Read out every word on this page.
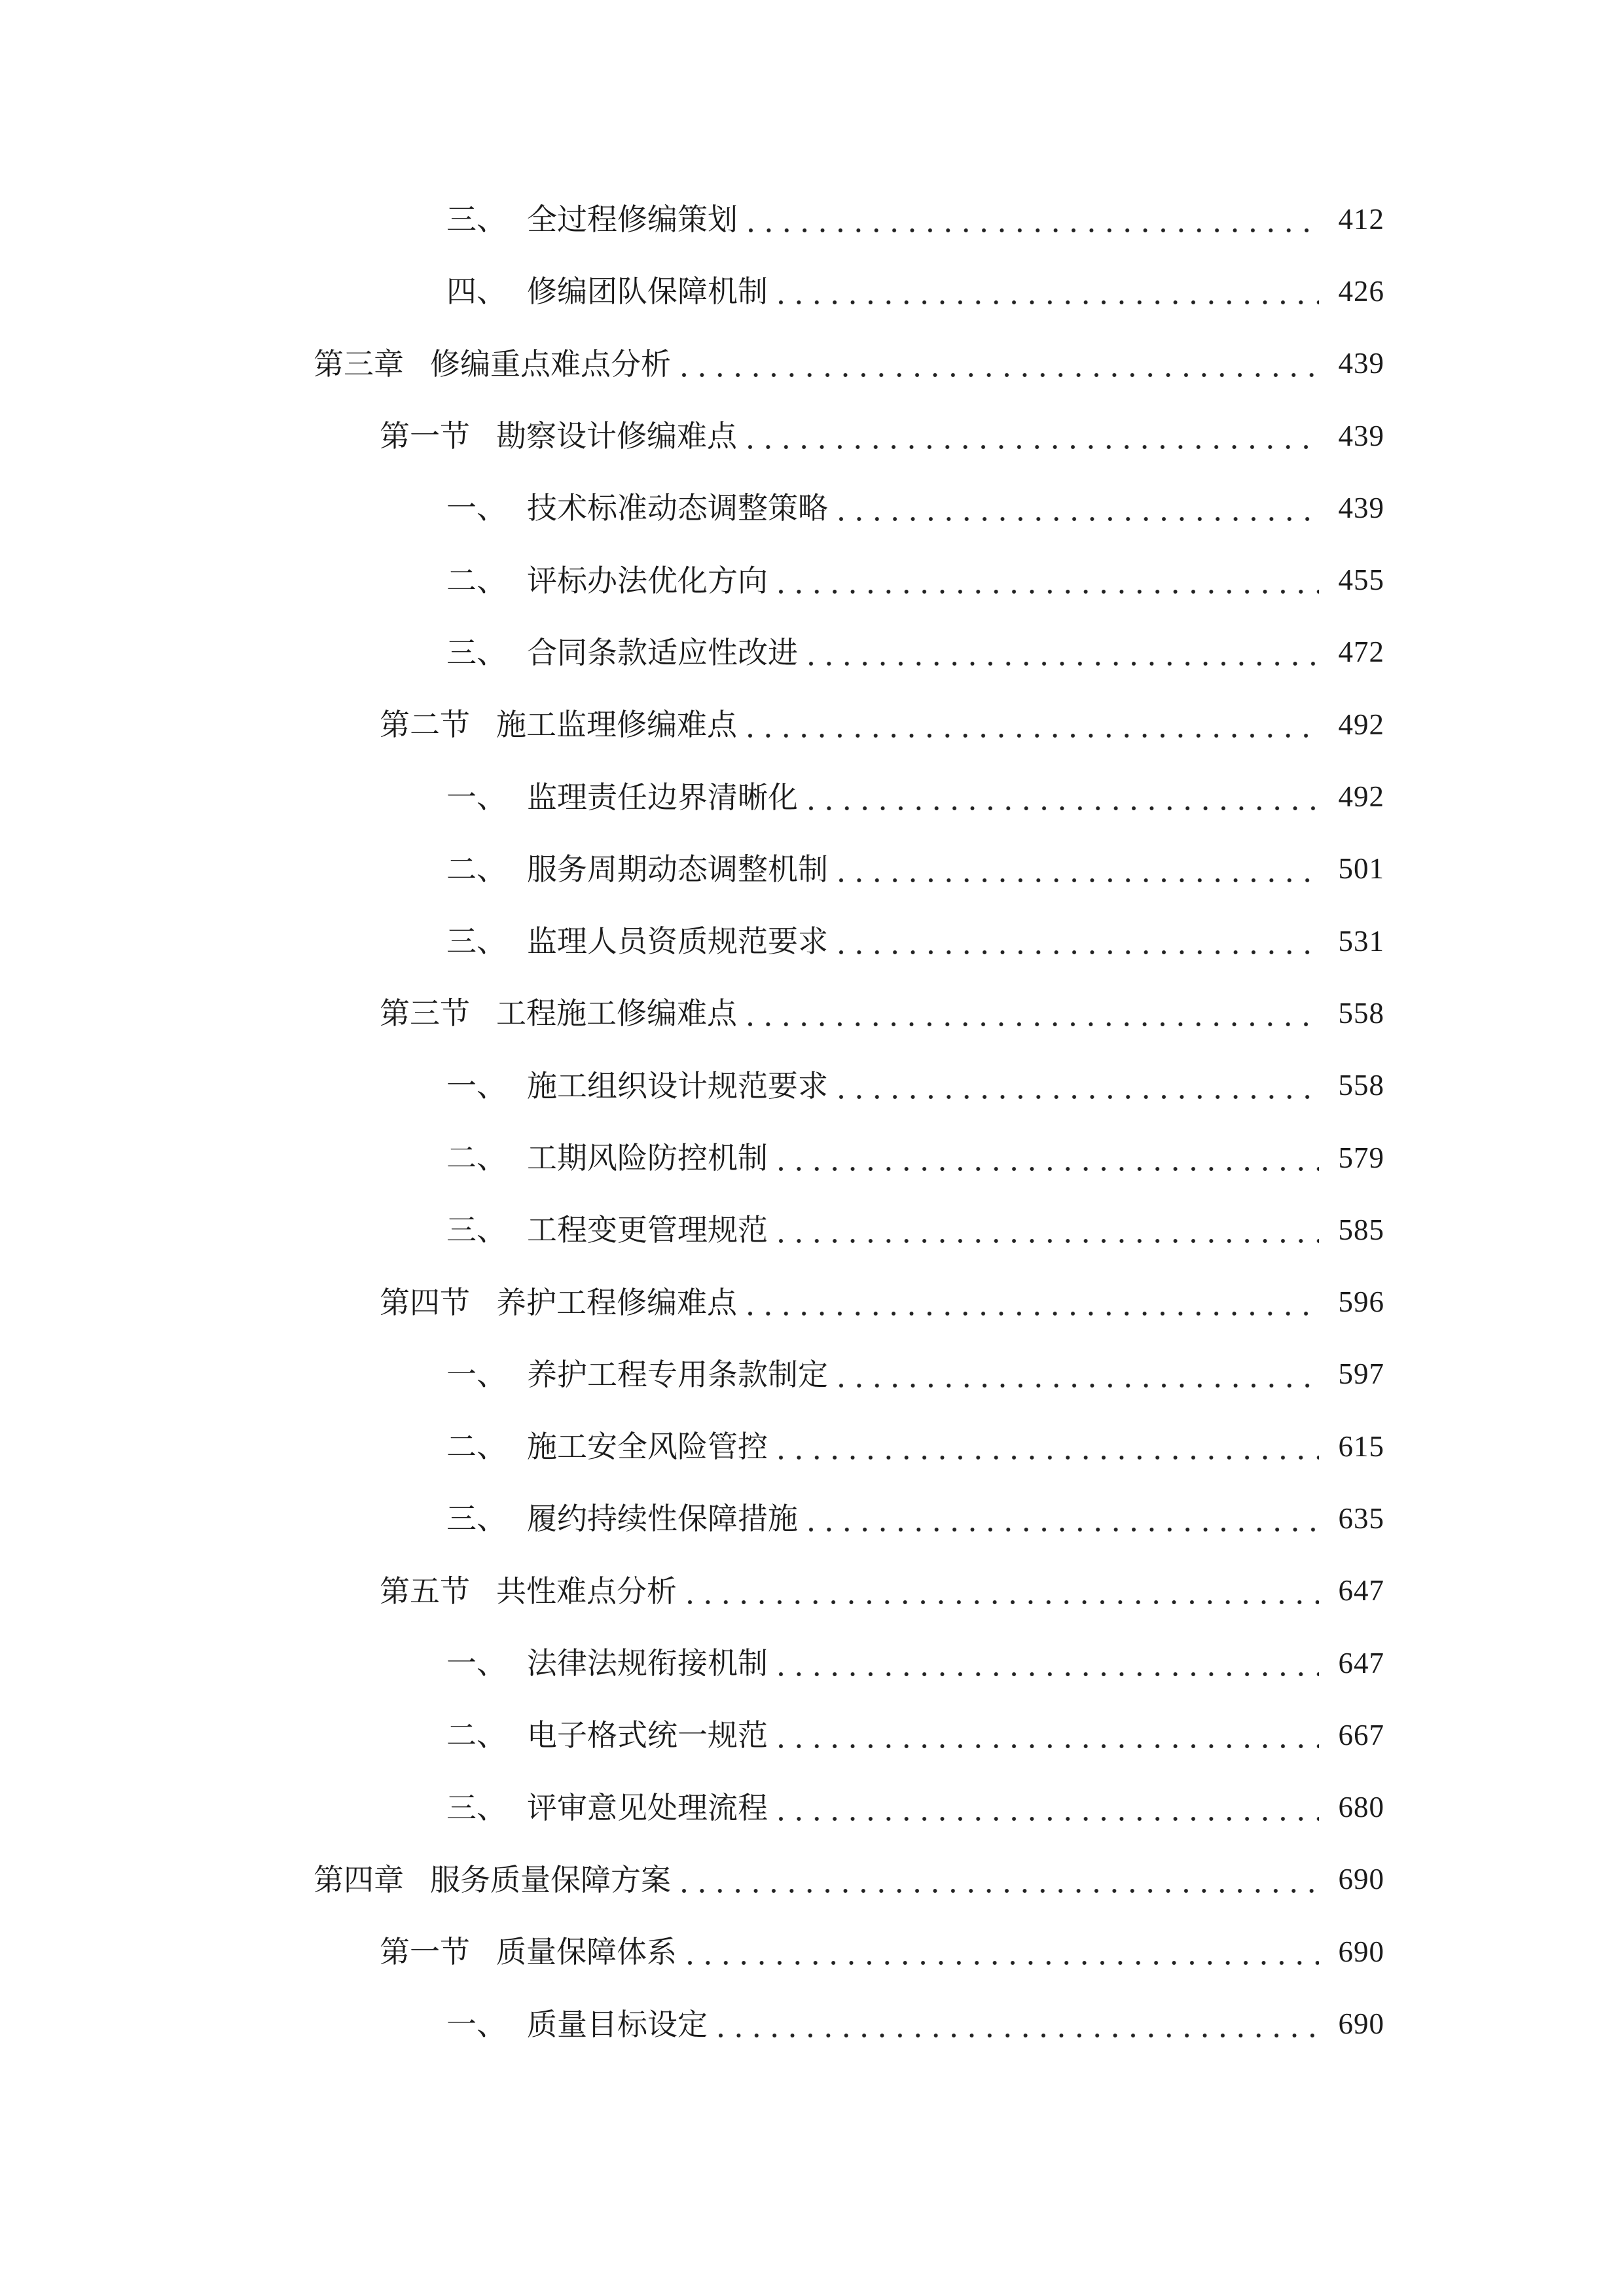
三、 全过程修编策划	412
四、 修编团队保障机制	426
第三章 修编重点难点分析	439
第一节 勘察设计修编难点	439
一、 技术标准动态调整策略	439
二、 评标办法优化方向	455
三、 合同条款适应性改进	472
第二节 施工监理修编难点	492
一、 监理责任边界清晰化	492
二、 服务周期动态调整机制	501
三、 监理人员资质规范要求	531
第三节 工程施工修编难点	558
一、 施工组织设计规范要求	558
二、 工期风险防控机制	579
三、 工程变更管理规范	585
第四节 养护工程修编难点	596
一、 养护工程专用条款制定	597
二、 施工安全风险管控	615
三、 履约持续性保障措施	635
第五节 共性难点分析	647
一、 法律法规衔接机制	647
二、 电子格式统一规范	667
三、 评审意见处理流程	680
第四章 服务质量保障方案	690
第一节 质量保障体系	690
一、 质量目标设定	690
